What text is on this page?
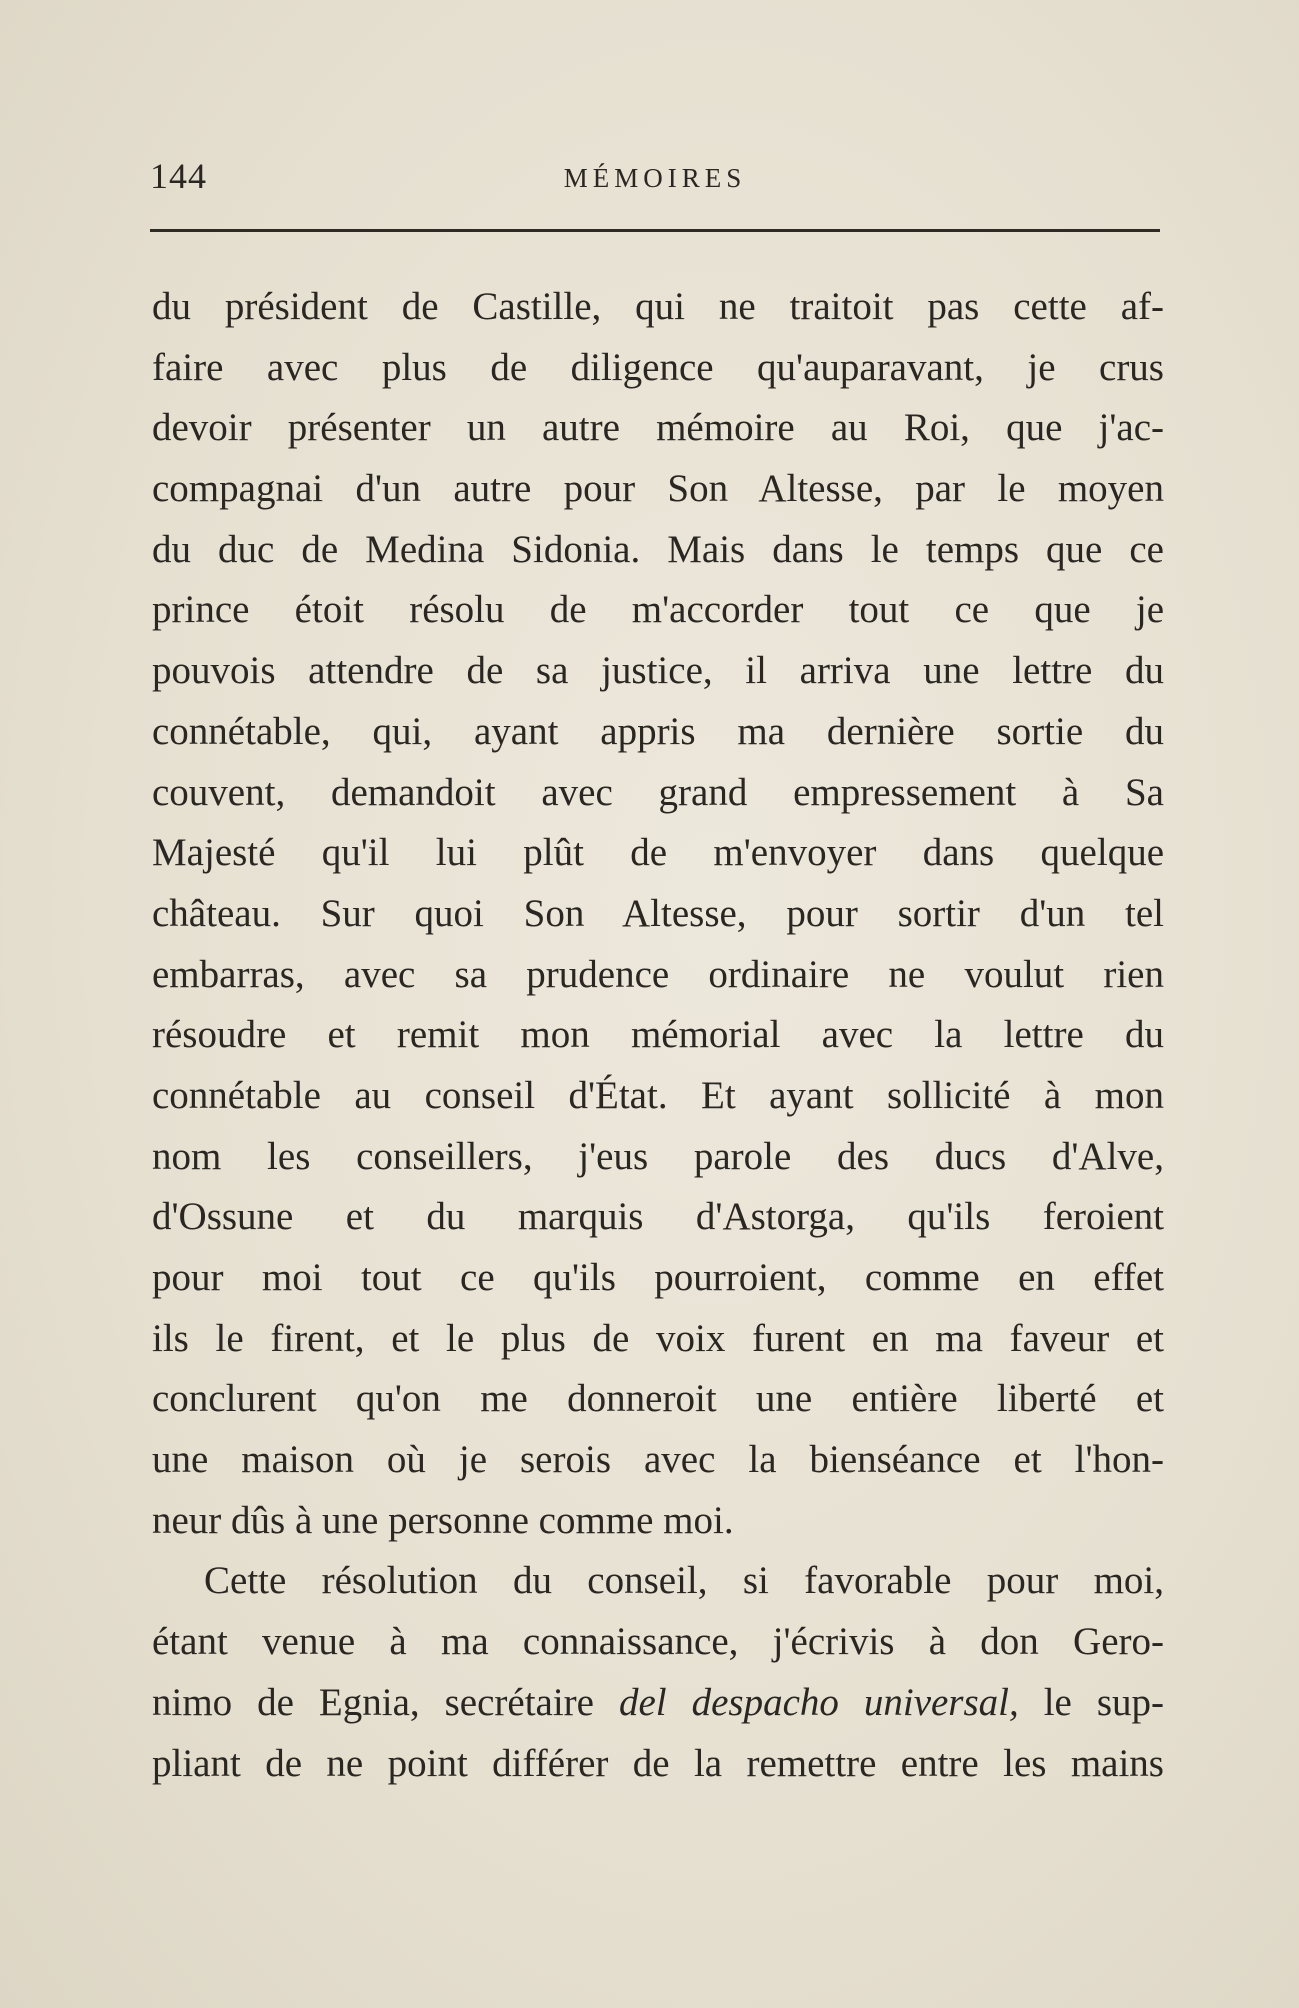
144	MÉMOIRES
du président de Castille, qui ne traitoit pas cette af-
faire avec plus de diligence qu'auparavant, je crus
devoir présenter un autre mémoire au Roi, que j'ac-
compagnai d'un autre pour Son Altesse, par le moyen
du duc de Medina Sidonia. Mais dans le temps que ce
prince étoit résolu de m'accorder tout ce que je
pouvois attendre de sa justice, il arriva une lettre du
connétable, qui, ayant appris ma dernière sortie du
couvent, demandoit avec grand empressement à Sa
Majesté qu'il lui plût de m'envoyer dans quelque
château. Sur quoi Son Altesse, pour sortir d'un tel
embarras, avec sa prudence ordinaire ne voulut rien
résoudre et remit mon mémorial avec la lettre du
connétable au conseil d'État. Et ayant sollicité à mon
nom les conseillers, j'eus parole des ducs d'Alve,
d'Ossune et du marquis d'Astorga, qu'ils feroient
pour moi tout ce qu'ils pourroient, comme en effet
ils le firent, et le plus de voix furent en ma faveur et
conclurent qu'on me donneroit une entière liberté et
une maison où je serois avec la bienséance et l'hon-
neur dûs à une personne comme moi.
Cette résolution du conseil, si favorable pour moi,
étant venue à ma connaissance, j'écrivis à don Gero-
nimo de Egnia, secrétaire del despacho universal, le sup-
pliant de ne point différer de la remettre entre les mains
